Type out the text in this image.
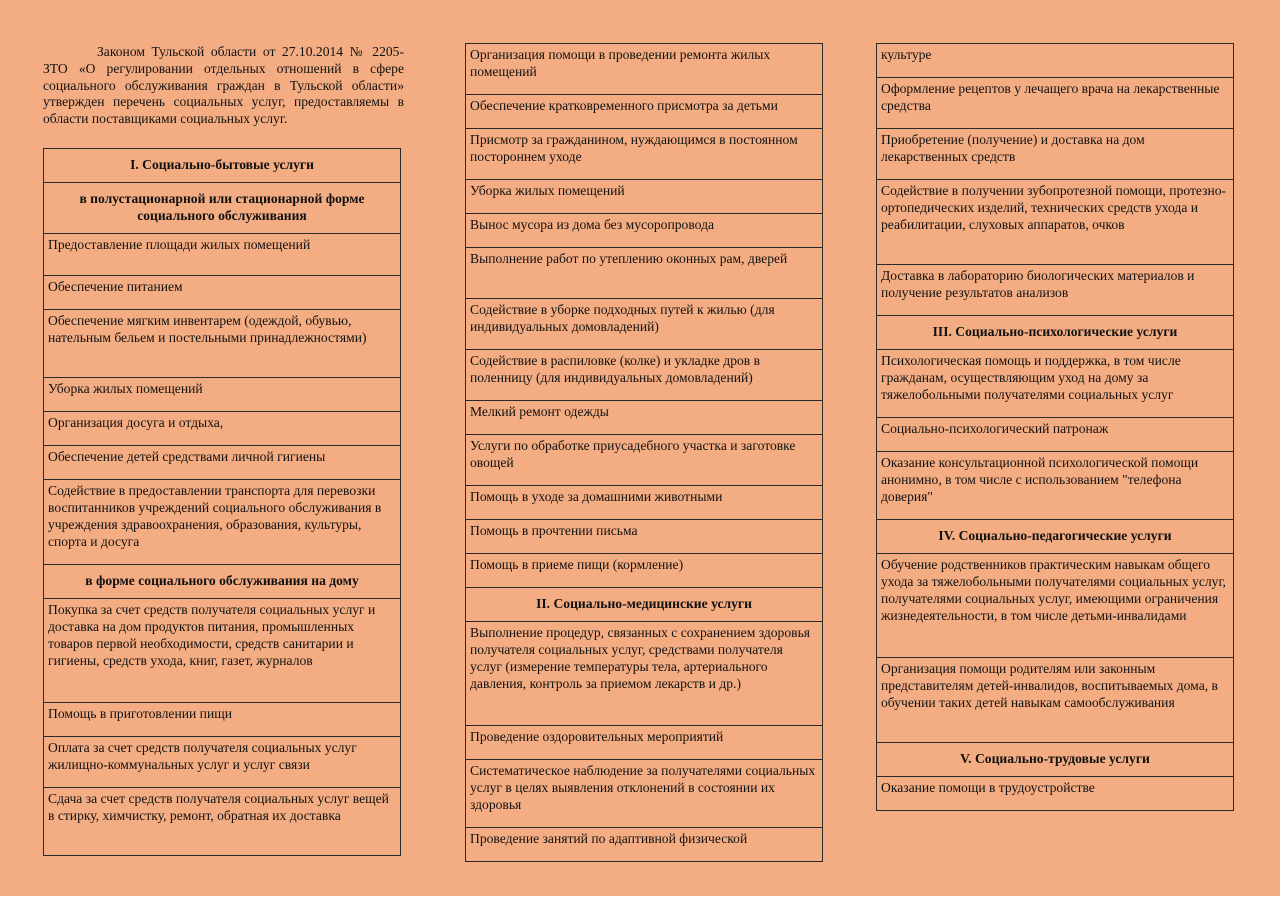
Законом Тульской области от 27.10.2014 № 2205-ЗТО «О регулировании отдельных отношений в сфере социального обслуживания граждан в Тульской области» утвержден перечень социальных услуг, предоставляемы в области поставщиками социальных услуг.

I. Социально-бытовые услуги
в полустационарной или стационарной форме социального обслуживания
Предоставление площади жилых помещений
Обеспечение питанием
Обеспечение мягким инвентарем (одеждой, обувью, нательным бельем и постельными принадлежностями)
Уборка жилых помещений
Организация досуга и отдыха,
Обеспечение детей средствами личной гигиены
Содействие в предоставлении транспорта для перевозки воспитанников учреждений социального обслуживания в учреждения здравоохранения, образования, культуры, спорта и досуга
в форме социального обслуживания на дому
Покупка за счет средств получателя социальных услуг и доставка на дом продуктов питания, промышленных товаров первой необходимости, средств санитарии и гигиены, средств ухода, книг, газет, журналов
Помощь в приготовлении пищи
Оплата за счет средств получателя социальных услуг жилищно-коммунальных услуг и услуг связи
Сдача за счет средств получателя социальных услуг вещей в стирку, химчистку, ремонт, обратная их доставка
Организация помощи в проведении ремонта жилых помещений
Обеспечение кратковременного присмотра за детьми
Присмотр за гражданином, нуждающимся в постоянном постороннем уходе
Уборка жилых помещений
Вынос мусора из дома без мусоропровода
Выполнение работ по утеплению оконных рам, дверей
Содействие в уборке подходных путей к жилью (для индивидуальных домовладений)
Содействие в распиловке (колке) и укладке дров в поленницу (для индивидуальных домовладений)
Мелкий ремонт одежды
Услуги по обработке приусадебного участка и заготовке овощей
Помощь в уходе за домашними животными
Помощь в прочтении письма
Помощь в приеме пищи (кормление)
II. Социально-медицинские услуги
Выполнение процедур, связанных с сохранением здоровья получателя социальных услуг, средствами получателя услуг (измерение температуры тела, артериального давления, контроль за приемом лекарств и др.)
Проведение оздоровительных мероприятий
Систематическое наблюдение за получателями социальных услуг в целях выявления отклонений в состоянии их здоровья
Проведение занятий по адаптивной физической
культуре
Оформление рецептов у лечащего врача на лекарственные средства
Приобретение (получение) и доставка на дом лекарственных средств
Содействие в получении зубопротезной помощи, протезно-ортопедических изделий, технических средств ухода и реабилитации, слуховых аппаратов, очков
Доставка в лабораторию биологических материалов и получение результатов анализов
III. Социально-психологические услуги
Психологическая помощь и поддержка, в том числе гражданам, осуществляющим уход на дому за тяжелобольными получателями социальных услуг
Социально-психологический патронаж
Оказание консультационной психологической помощи анонимно, в том числе с использованием "телефона доверия"
IV. Социально-педагогические услуги
Обучение родственников практическим навыкам общего ухода за тяжелобольными получателями социальных услуг, получателями социальных услуг, имеющими ограничения жизнедеятельности, в том числе детьми-инвалидами
Организация помощи родителям или законным представителям детей-инвалидов, воспитываемых дома, в обучении таких детей навыкам самообслуживания
V. Социально-трудовые услуги
Оказание помощи в трудоустройстве
